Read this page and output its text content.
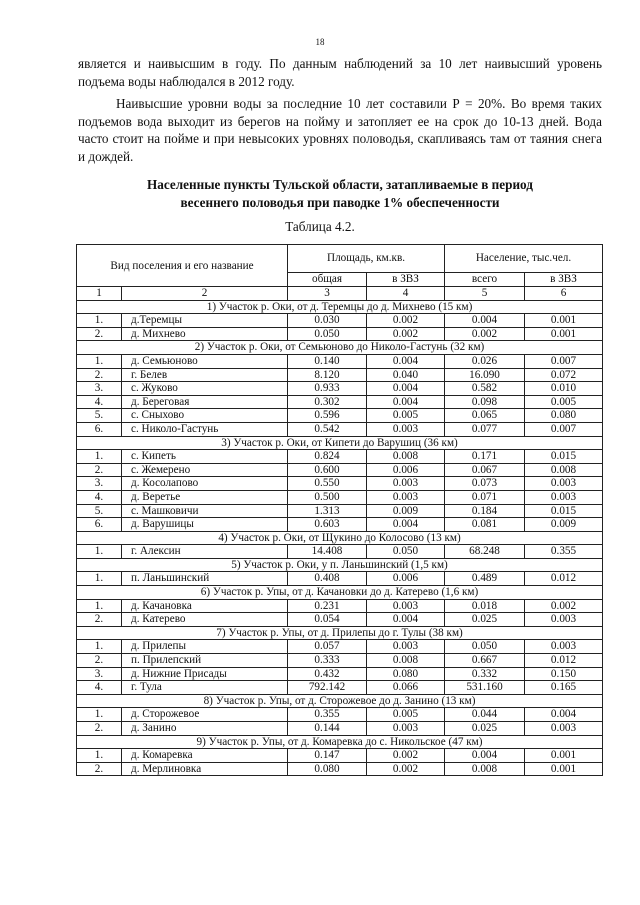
18

является и наивысшим в году. По данным наблюдений за 10 лет наивысший уровень подъема воды наблюдался в 2012 году.

Наивысшие уровни воды за последние 10 лет составили Р = 20%. Во время таких подъемов вода выходит из берегов на пойму и затопляет ее на срок до 10-13 дней. Вода часто стоит на пойме и при невысоких уровнях половодья, скапливаясь там от таяния снега и дождей.

Населенные пункты Тульской области, затапливаемые в период
весеннего половодья при паводке 1% обеспеченности
Таблица 4.2.
Вид поселения и его название		Площадь, км.кв.		Население, тыс.чел.	
		общая	в ЗВЗ	всего	в ЗВЗ
1	2	3	4	5	6
1) Участок р. Оки, от д. Теремцы до д. Михнево (15 км)					
1.	д.Теремцы	0.030	0.002	0.004	0.001
2.	д. Михнево	0.050	0.002	0.002	0.001
2) Участок р. Оки, от Семьюново до Николо-Гастунь (32 км)					
1.	д. Семьюново	0.140	0.004	0.026	0.007
2.	г. Белев	8.120	0.040	16.090	0.072
3.	с. Жуково	0.933	0.004	0.582	0.010
4.	д. Береговая	0.302	0.004	0.098	0.005
5.	с. Сныхово	0.596	0.005	0.065	0.080
6.	с. Николо-Гастунь	0.542	0.003	0.077	0.007
3) Участок р. Оки, от Кипети до Варушиц (36 км)					
1.	с. Кипеть	0.824	0.008	0.171	0.015
2.	с. Жемерено	0.600	0.006	0.067	0.008
3.	д. Косолапово	0.550	0.003	0.073	0.003
4.	д. Веретье	0.500	0.003	0.071	0.003
5.	с. Машковичи	1.313	0.009	0.184	0.015
6.	д. Варушицы	0.603	0.004	0.081	0.009
4) Участок р. Оки, от Щукино до Колосово (13 км)					
1.	г. Алексин	14.408	0.050	68.248	0.355
5) Участок р. Оки, у п. Ланьшинский (1,5 км)					
1.	п. Ланьшинский	0.408	0.006	0.489	0.012
6) Участок р. Упы, от д. Качановки до д. Катерево (1,6 км)					
1.	д. Качановка	0.231	0.003	0.018	0.002
2.	д. Катерево	0.054	0.004	0.025	0.003
7) Участок р. Упы, от д. Прилепы до г. Тулы (38 км)					
1.	д. Прилепы	0.057	0.003	0.050	0.003
2.	п. Прилепский	0.333	0.008	0.667	0.012
3.	д. Нижние Присады	0.432	0.080	0.332	0.150
4.	г. Тула	792.142	0.066	531.160	0.165
8) Участок р. Упы, от д. Сторожевое до д. Занино (13 км)					
1.	д. Сторожевое	0.355	0.005	0.044	0.004
2.	д. Занино	0.144	0.003	0.025	0.003
9) Участок р. Упы, от д. Комаревка до с. Никольское (47 км)					
1.	д. Комаревка	0.147	0.002	0.004	0.001
2.	д. Мерлиновка	0.080	0.002	0.008	0.001
